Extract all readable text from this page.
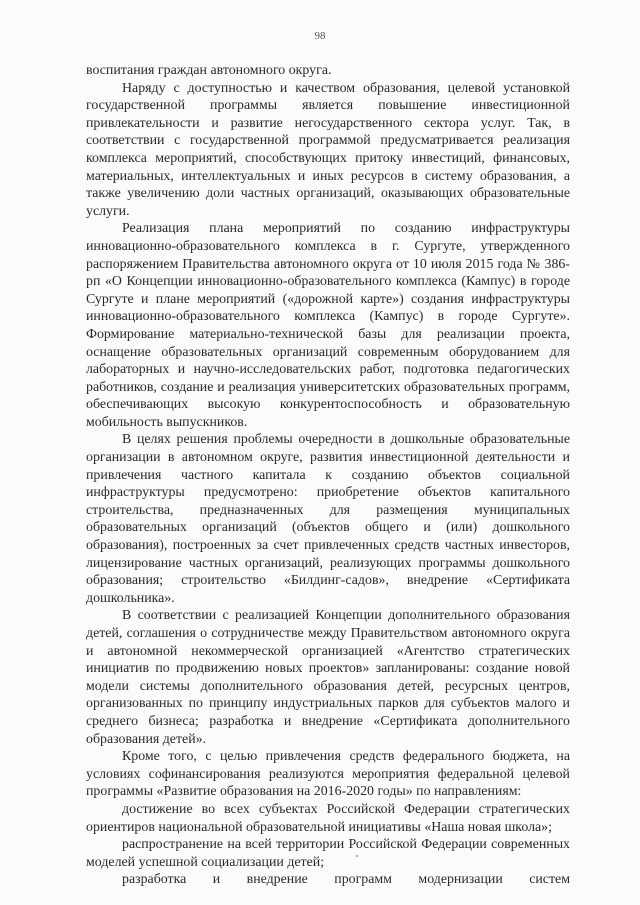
98

воспитания граждан автономного округа.

Наряду с доступностью и качеством образования, целевой установкой государственной программы является повышение инвестиционной привлекательности и развитие негосударственного сектора услуг. Так, в соответствии с государственной программой предусматривается реализация комплекса мероприятий, способствующих притоку инвестиций, финансовых, материальных, интеллектуальных и иных ресурсов в систему образования, а также увеличению доли частных организаций, оказывающих образовательные услуги.

Реализация плана мероприятий по созданию инфраструктуры инновационно-образовательного комплекса в г. Сургуте, утвержденного распоряжением Правительства автономного округа от 10 июля 2015 года № 386-рп «О Концепции инновационно-образовательного комплекса (Кампус) в городе Сургуте и плане мероприятий («дорожной карте») создания инфраструктуры инновационно-образовательного комплекса (Кампус) в городе Сургуте». Формирование материально-технической базы для реализации проекта, оснащение образовательных организаций современным оборудованием для лабораторных и научно-исследовательских работ, подготовка педагогических работников, создание и реализация университетских образовательных программ, обеспечивающих высокую конкурентоспособность и образовательную мобильность выпускников.

В целях решения проблемы очередности в дошкольные образовательные организации в автономном округе, развития инвестиционной деятельности и привлечения частного капитала к созданию объектов социальной инфраструктуры предусмотрено: приобретение объектов капитального строительства, предназначенных для размещения муниципальных образовательных организаций (объектов общего и (или) дошкольного образования), построенных за счет привлеченных средств частных инвесторов, лицензирование частных организаций, реализующих программы дошкольного образования; строительство «Билдинг-садов», внедрение «Сертификата дошкольника».

В соответствии с реализацией Концепции дополнительного образования детей, соглашения о сотрудничестве между Правительством автономного округа и автономной некоммерческой организацией «Агентство стратегических инициатив по продвижению новых проектов» запланированы: создание новой модели системы дополнительного образования детей, ресурсных центров, организованных по принципу индустриальных парков для субъектов малого и среднего бизнеса; разработка и внедрение «Сертификата дополнительного образования детей».

Кроме того, с целью привлечения средств федерального бюджета, на условиях софинансирования реализуются мероприятия федеральной целевой программы «Развитие образования на 2016-2020 годы» по направлениям:

достижение во всех субъектах Российской Федерации стратегических ориентиров национальной образовательной инициативы «Наша новая школа»;

распространение на всей территории Российской Федерации современных моделей успешной социализации детей;

разработка и внедрение программ модернизации систем
